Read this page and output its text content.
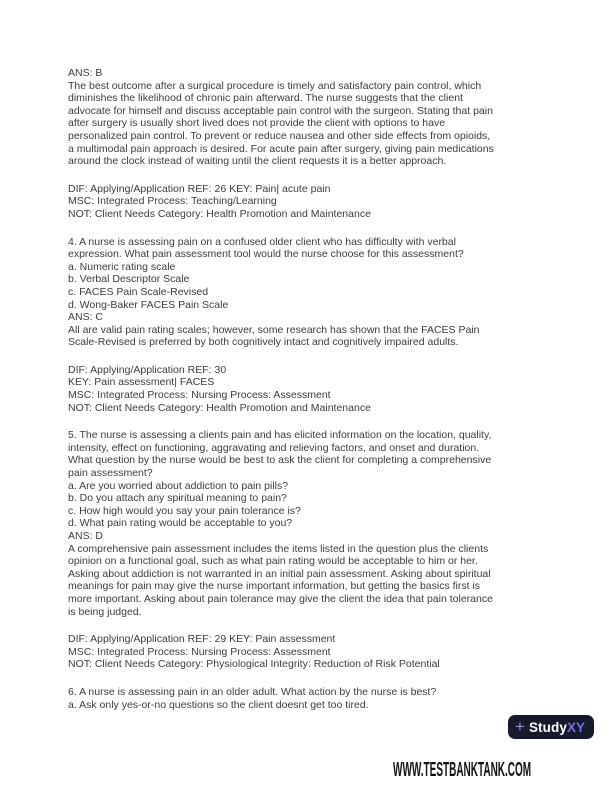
ANS: B
The best outcome after a surgical procedure is timely and satisfactory pain control, which
diminishes the likelihood of chronic pain afterward. The nurse suggests that the client
advocate for himself and discuss acceptable pain control with the surgeon. Stating that pain
after surgery is usually short lived does not provide the client with options to have
personalized pain control. To prevent or reduce nausea and other side effects from opioids,
a multimodal pain approach is desired. For acute pain after surgery, giving pain medications
around the clock instead of waiting until the client requests it is a better approach.
DIF: Applying/Application REF: 26 KEY: Pain| acute pain
MSC: Integrated Process: Teaching/Learning
NOT: Client Needs Category: Health Promotion and Maintenance
4. A nurse is assessing pain on a confused older client who has difficulty with verbal
expression. What pain assessment tool would the nurse choose for this assessment?
a. Numeric rating scale
b. Verbal Descriptor Scale
c. FACES Pain Scale-Revised
d. Wong-Baker FACES Pain Scale
ANS: C
All are valid pain rating scales; however, some research has shown that the FACES Pain
Scale-Revised is preferred by both cognitively intact and cognitively impaired adults.
DIF: Applying/Application REF: 30
KEY: Pain assessment| FACES
MSC: Integrated Process: Nursing Process: Assessment
NOT: Client Needs Category: Health Promotion and Maintenance
5. The nurse is assessing a clients pain and has elicited information on the location, quality,
intensity, effect on functioning, aggravating and relieving factors, and onset and duration.
What question by the nurse would be best to ask the client for completing a comprehensive
pain assessment?
a. Are you worried about addiction to pain pills?
b. Do you attach any spiritual meaning to pain?
c. How high would you say your pain tolerance is?
d. What pain rating would be acceptable to you?
ANS: D
A comprehensive pain assessment includes the items listed in the question plus the clients
opinion on a functional goal, such as what pain rating would be acceptable to him or her.
Asking about addiction is not warranted in an initial pain assessment. Asking about spiritual
meanings for pain may give the nurse important information, but getting the basics first is
more important. Asking about pain tolerance may give the client the idea that pain tolerance
is being judged.
DIF: Applying/Application REF: 29 KEY: Pain assessment
MSC: Integrated Process: Nursing Process: Assessment
NOT: Client Needs Category: Physiological Integrity: Reduction of Risk Potential
6. A nurse is assessing pain in an older adult. What action by the nurse is best?
a. Ask only yes-or-no questions so the client doesnt get too tired.
+ StudyXY
WWW.TESTBANKTANK.COM
